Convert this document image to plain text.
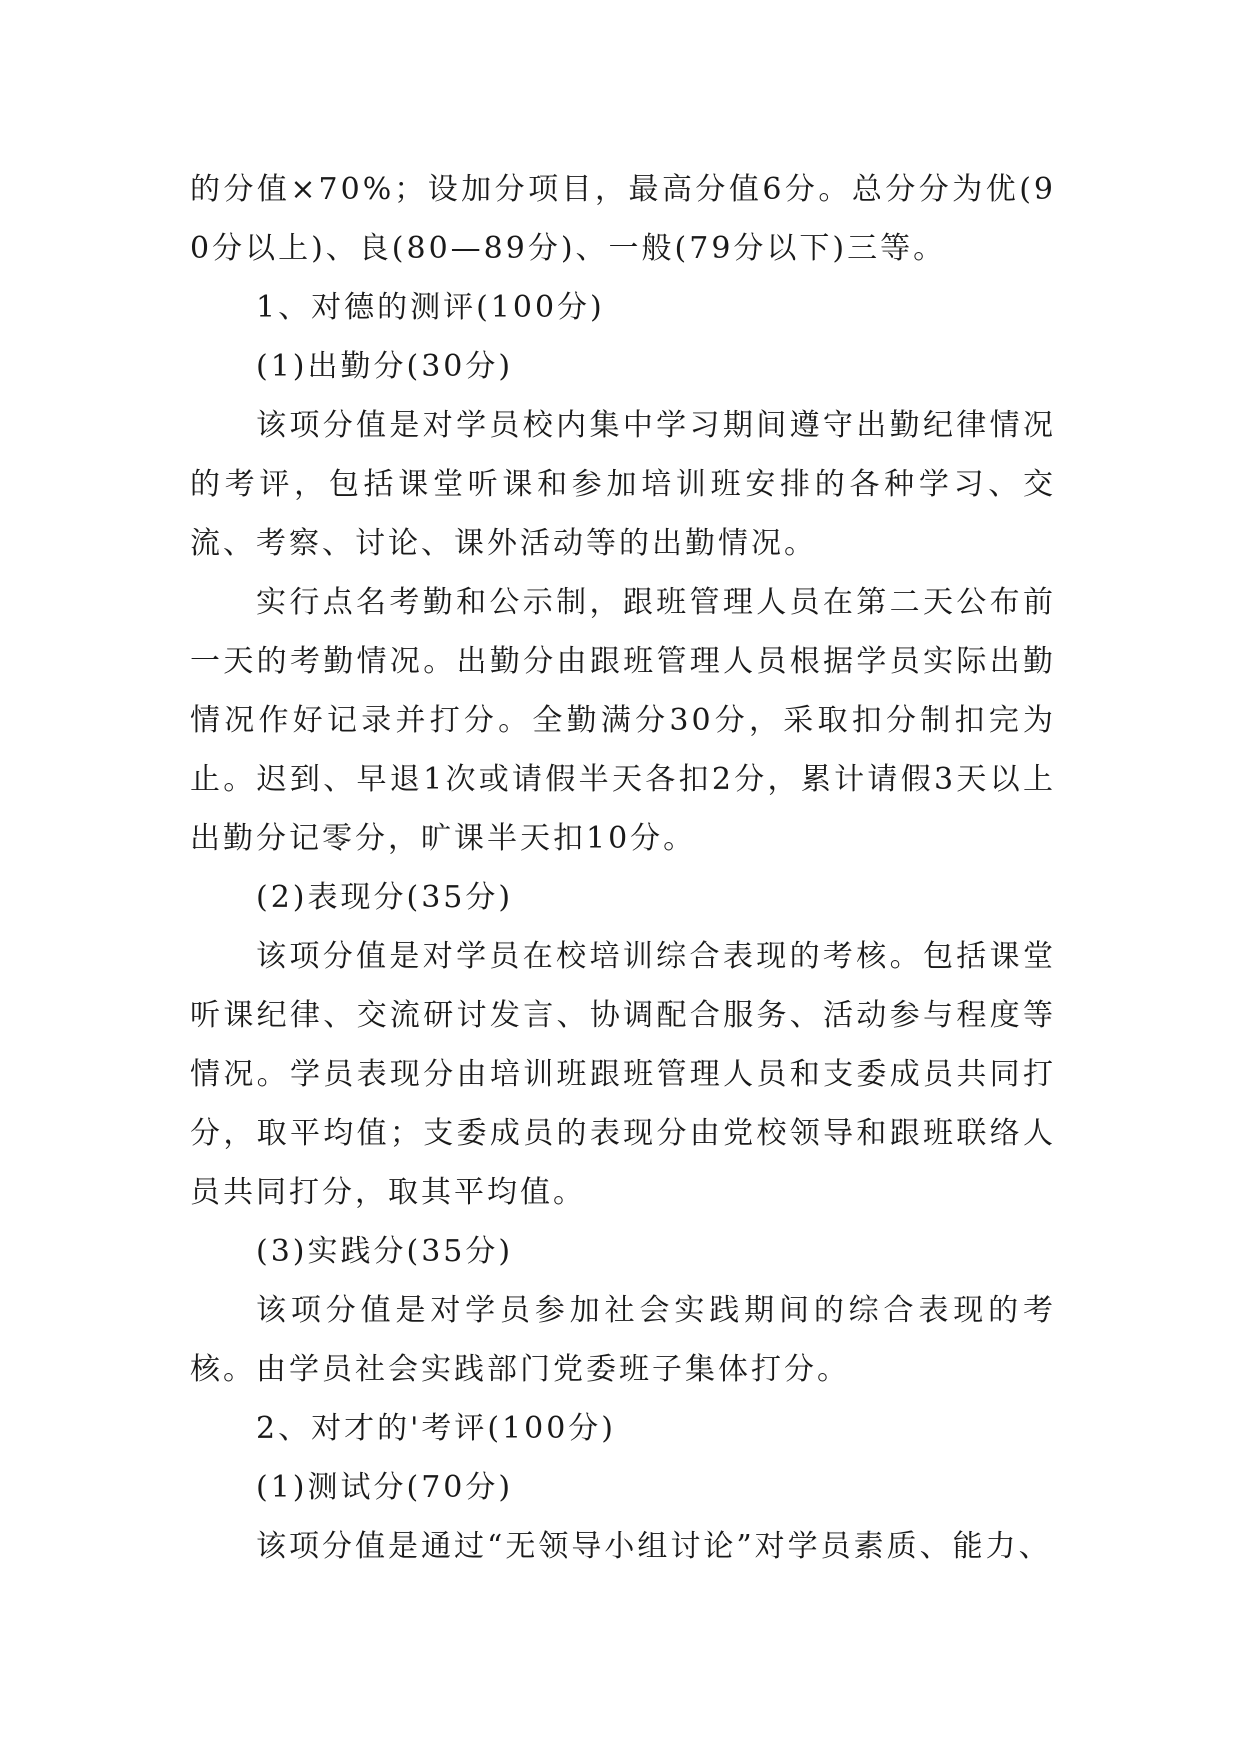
的分值×70%；设加分项目，最高分值6分。总分分为优(90分以上)、良(80—89分)、一般(79分以下)三等。

1、对德的测评(100分)

(1)出勤分(30分)

该项分值是对学员校内集中学习期间遵守出勤纪律情况的考评，包括课堂听课和参加培训班安排的各种学习、交流、考察、讨论、课外活动等的出勤情况。

实行点名考勤和公示制，跟班管理人员在第二天公布前一天的考勤情况。出勤分由跟班管理人员根据学员实际出勤情况作好记录并打分。全勤满分30分，采取扣分制扣完为止。迟到、早退1次或请假半天各扣2分，累计请假3天以上出勤分记零分，旷课半天扣10分。

(2)表现分(35分)

该项分值是对学员在校培训综合表现的考核。包括课堂听课纪律、交流研讨发言、协调配合服务、活动参与程度等情况。学员表现分由培训班跟班管理人员和支委成员共同打分，取平均值；支委成员的表现分由党校领导和跟班联络人员共同打分，取其平均值。

(3)实践分(35分)

该项分值是对学员参加社会实践期间的综合表现的考核。由学员社会实践部门党委班子集体打分。

2、对才的'考评(100分)

(1)测试分(70分)

该项分值是通过“无领导小组讨论”对学员素质、能力、
